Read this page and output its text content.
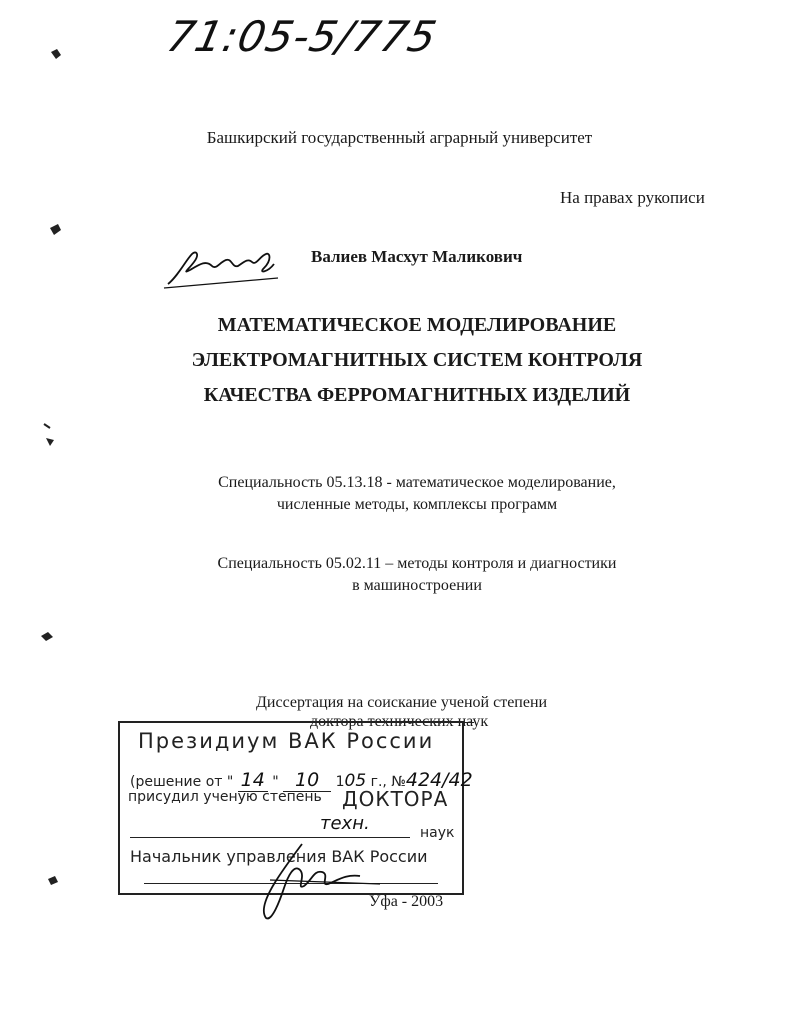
71:05-5/775
Башкирский государственный аграрный университет
На правах рукописи
Валиев Масхут Маликович
МАТЕМАТИЧЕСКОЕ МОДЕЛИРОВАНИЕ
ЭЛЕКТРОМАГНИТНЫХ СИСТЕМ КОНТРОЛЯ
КАЧЕСТВА ФЕРРОМАГНИТНЫХ ИЗДЕЛИЙ
Специальность 05.13.18 - математическое моделирование,
численные методы, комплексы программ
Специальность 05.02.11 – методы контроля и диагностики
в машиностроении
Диссертация на соискание ученой степени
доктора технических наук
Президиум ВАК России
(решение от " 14 " 10 105 г., №424/42
присудил ученую степень ДОКТОРА
техн.	наук
Начальник управления ВАК России
Уфа - 2003
